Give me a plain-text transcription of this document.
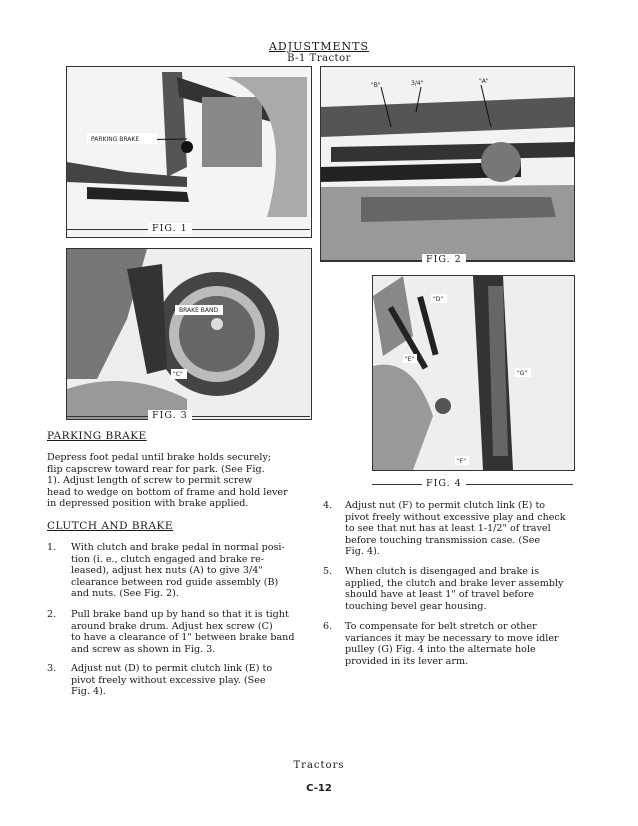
ADJUSTMENTS
B-1 Tractor
PARKING BRAKE
FIG. 1
BRAKE BAND
"C"
FIG. 3
"B"	3/4"	"A"
FIG. 2
"D"
"E"
"G"
"F"
FIG. 4
PARKING BRAKE
Depress foot pedal until brake holds securely;
flip capscrew toward rear for park. (See Fig.
1). Adjust length of screw to permit screw
head to wedge on bottom of frame and hold lever
in depressed position with brake applied.
CLUTCH AND BRAKE
1. With clutch and brake pedal in normal posi-
tion (i. e., clutch engaged and brake re-
leased), adjust hex nuts (A) to give 3/4"
clearance between rod guide assembly (B)
and nuts. (See Fig. 2).
2. Pull brake band up by hand so that it is tight
around brake drum. Adjust hex screw (C)
to have a clearance of 1" between brake band
and screw as shown in Fig. 3.
3. Adjust nut (D) to permit clutch link (E) to
pivot freely without excessive play. (See
Fig. 4).
4. Adjust nut (F) to permit clutch link (E) to
pivot freely without excessive play and check
to see that nut has at least 1-1/2" of travel
before touching transmission case. (See
Fig. 4).
5. When clutch is disengaged and brake is
applied, the clutch and brake lever assembly
should have at least 1" of travel before
touching bevel gear housing.
6. To compensate for belt stretch or other
variances it may be necessary to move idler
pulley (G) Fig. 4 into the alternate hole
provided in its lever arm.
Tractors
C-12
